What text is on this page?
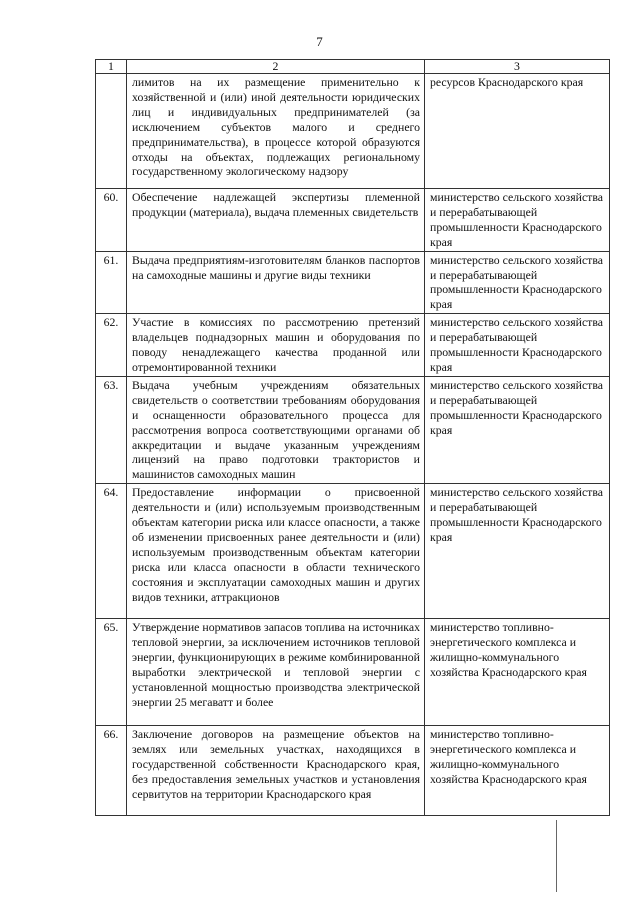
7
1	2	3
	лимитов на их размещение применительно к хозяйственной и (или) иной деятельности юридических лиц и индивидуальных предпринимателей (за исключением субъектов малого и среднего предпринимательства), в процессе которой образуются отходы на объектах, подлежащих региональному государственному экологическому надзору	ресурсов Краснодарского края
60.	Обеспечение надлежащей экспертизы племенной продукции (материала), выдача племенных свидетельств	министерство сельского хозяйства и перерабатывающей промышленности Краснодарского края
61.	Выдача предприятиям-изготовителям бланков паспортов на самоходные машины и другие виды техники	министерство сельского хозяйства и перерабатывающей промышленности Краснодарского края
62.	Участие в комиссиях по рассмотрению претензий владельцев поднадзорных машин и оборудования по поводу ненадлежащего качества проданной или отремонтированной техники	министерство сельского хозяйства и перерабатывающей промышленности Краснодарского края
63.	Выдача учебным учреждениям обязательных свидетельств о соответствии требованиям оборудования и оснащенности образовательного процесса для рассмотрения вопроса соответствующими органами об аккредитации и выдаче указанным учреждениям лицензий на право подготовки трактористов и машинистов самоходных машин	министерство сельского хозяйства и перерабатывающей промышленности Краснодарского края
64.	Предоставление информации о присвоенной деятельности и (или) используемым производственным объектам категории риска или классе опасности, а также об изменении присвоенных ранее деятельности и (или) используемым производственным объектам категории риска или класса опасности в области технического состояния и эксплуатации самоходных машин и других видов техники, аттракционов	министерство сельского хозяйства и перерабатывающей промышленности Краснодарского края
65.	Утверждение нормативов запасов топлива на источниках тепловой энергии, за исключением источников тепловой энергии, функционирующих в режиме комбинированной выработки электрической и тепловой энергии с установленной мощностью производства электрической энергии 25 мегаватт и более	министерство топливно-энергетического комплекса и жилищно-коммунального хозяйства Краснодарского края
66.	Заключение договоров на размещение объектов на землях или земельных участках, находящихся в государственной собственности Краснодарского края, без предоставления земельных участков и установления сервитутов на территории Краснодарского края	министерство топливно-энергетического комплекса и жилищно-коммунального хозяйства Краснодарского края
